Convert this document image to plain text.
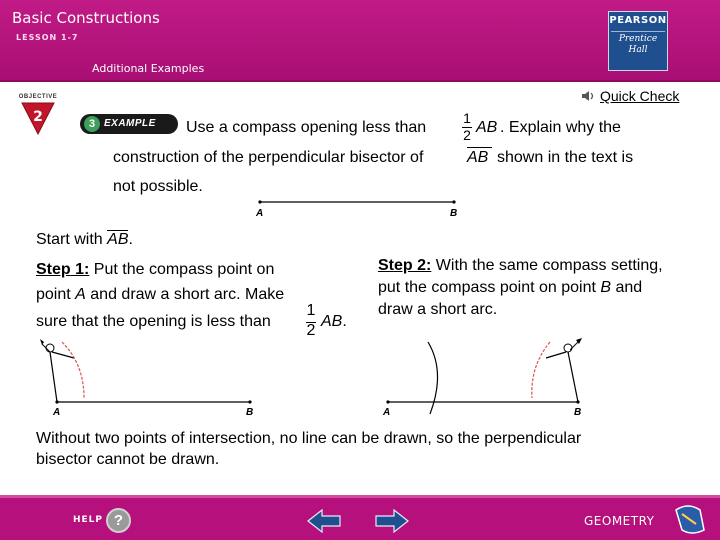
Basic Constructions
LESSON 1-7
Additional Examples
PEARSON
Prentice
Hall
OBJECTIVE
2	3 EXAMPLE
Quick Check
Use a compass opening less than
1
2 AB . Explain why the
construction of the perpendicular bisector of	AB shown in the text is
not possible.
A	B
Start with AB.
Step 1: Put the compass point on
point A and draw a short arc. Make
sure that the opening is less than
1
2
AB.
Step 2: With the same compass setting,
put the compass point on point B and
draw a short arc.
A	B	A	B
Without two points of intersection, no line can be drawn, so the perpendicular
bisector cannot be drawn.
HELP ?	GEOMETRY
